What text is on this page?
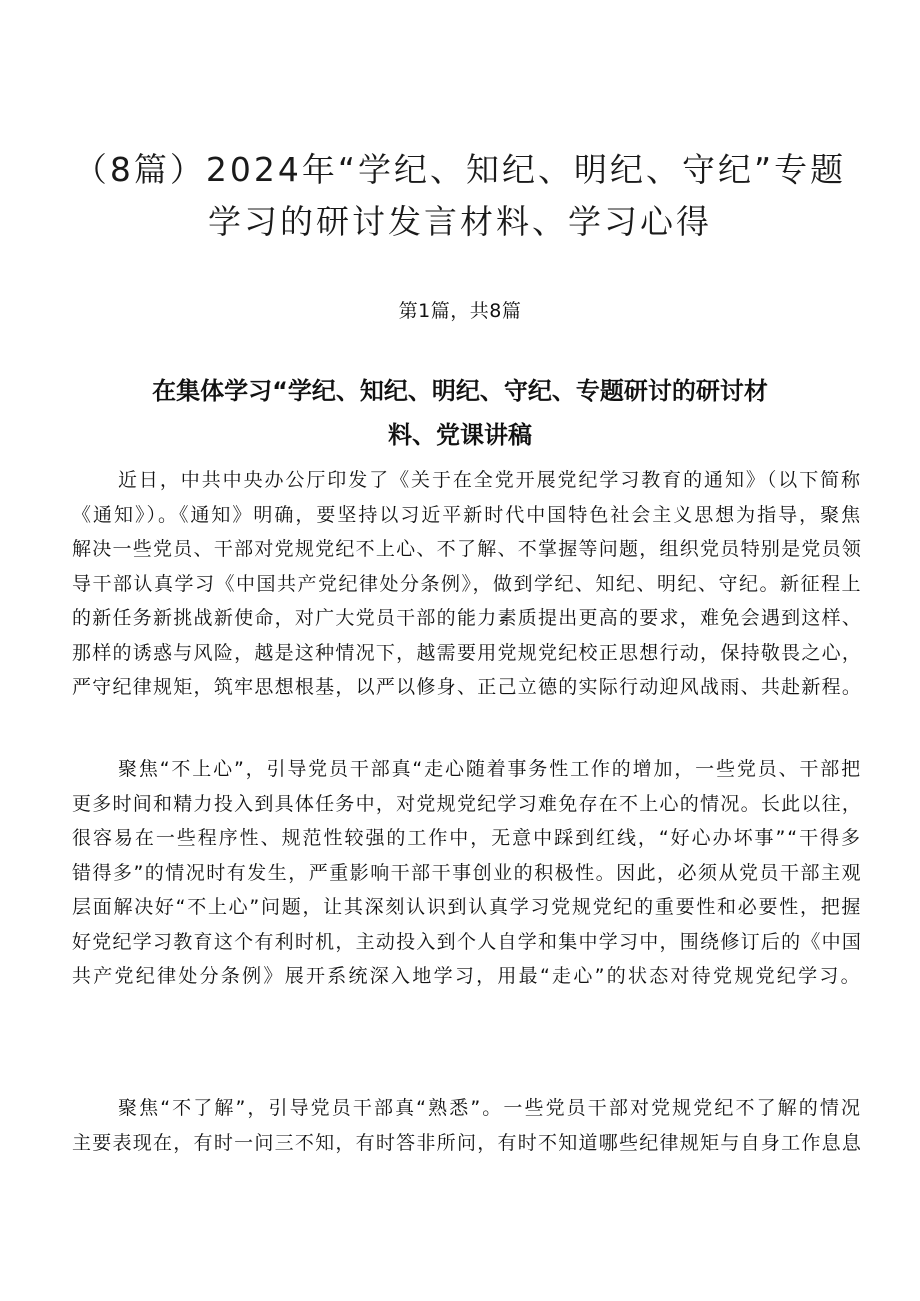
（8篇）2024年“学纪、知纪、明纪、守纪”专题
学习的研讨发言材料、学习心得
第1篇，共8篇
在集体学习“学纪、知纪、明纪、守纪、专题研讨的研讨材
料、党课讲稿
近日，中共中央办公厅印发了《关于在全党开展党纪学习教育的通知》（以下简称
《通知》）。《通知》明确，要坚持以习近平新时代中国特色社会主义思想为指导，聚焦
解决一些党员、干部对党规党纪不上心、不了解、不掌握等问题，组织党员特别是党员领
导干部认真学习《中国共产党纪律处分条例》，做到学纪、知纪、明纪、守纪。新征程上
的新任务新挑战新使命，对广大党员干部的能力素质提出更高的要求，难免会遇到这样、
那样的诱惑与风险，越是这种情况下，越需要用党规党纪校正思想行动，保持敬畏之心，
严守纪律规矩，筑牢思想根基，以严以修身、正己立德的实际行动迎风战雨、共赴新程。
聚焦“不上心”，引导党员干部真“走心随着事务性工作的增加，一些党员、干部把
更多时间和精力投入到具体任务中，对党规党纪学习难免存在不上心的情况。长此以往，
很容易在一些程序性、规范性较强的工作中，无意中踩到红线，“好心办坏事”“干得多
错得多”的情况时有发生，严重影响干部干事创业的积极性。因此，必须从党员干部主观
层面解决好“不上心”问题，让其深刻认识到认真学习党规党纪的重要性和必要性，把握
好党纪学习教育这个有利时机，主动投入到个人自学和集中学习中，围绕修订后的《中国
共产党纪律处分条例》展开系统深入地学习，用最“走心”的状态对待党规党纪学习。
聚焦“不了解”，引导党员干部真“熟悉”。一些党员干部对党规党纪不了解的情况
主要表现在，有时一问三不知，有时答非所问，有时不知道哪些纪律规矩与自身工作息息
